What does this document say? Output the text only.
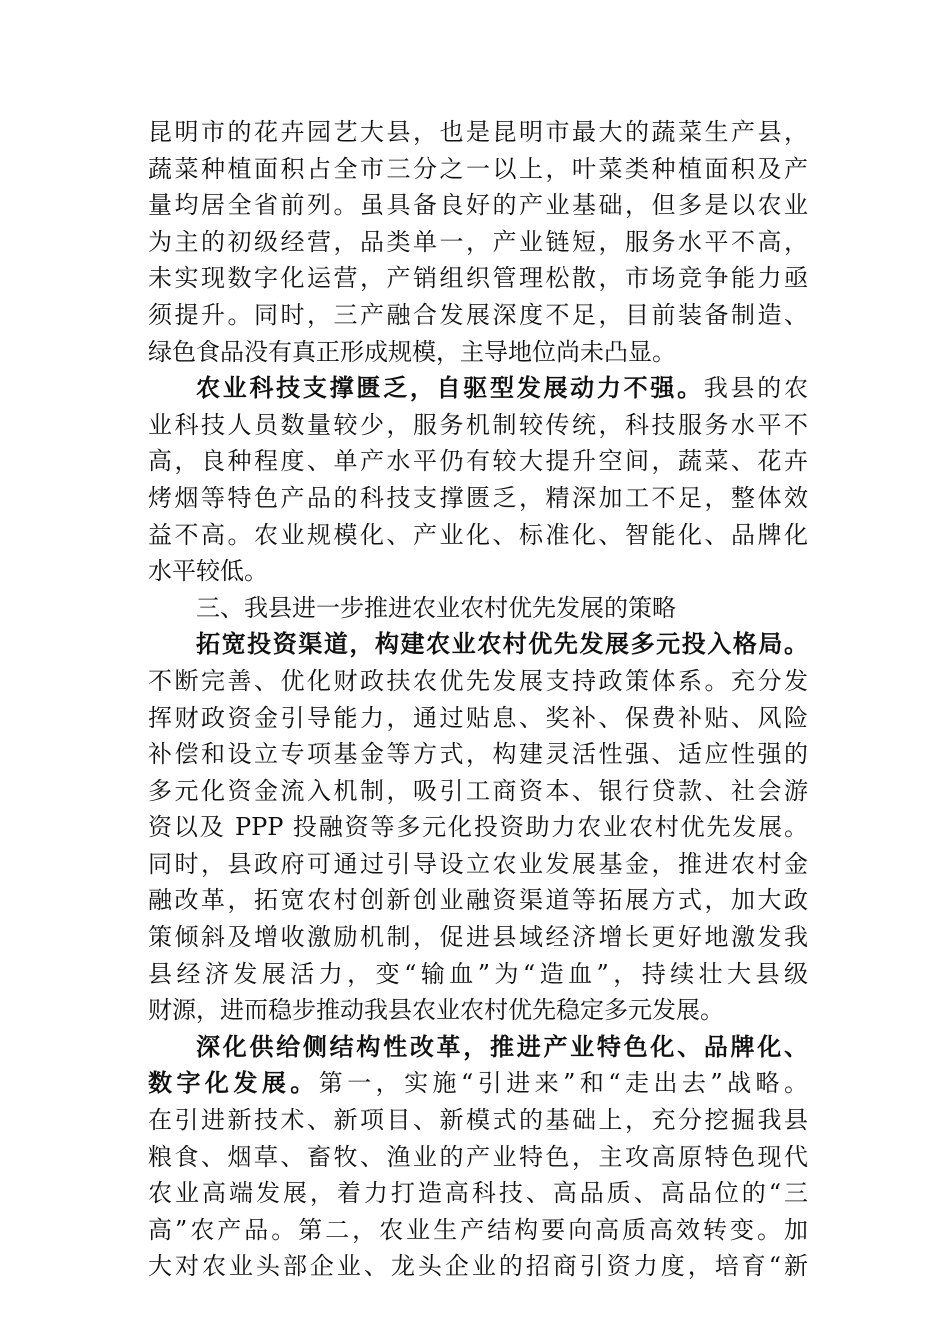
昆明市的花卉园艺大县，也是昆明市最大的蔬菜生产县，
蔬菜种植面积占全市三分之一以上，叶菜类种植面积及产
量均居全省前列。虽具备良好的产业基础，但多是以农业
为主的初级经营，品类单一，产业链短，服务水平不高，
未实现数字化运营，产销组织管理松散，市场竞争能力亟
须提升。同时，三产融合发展深度不足，目前装备制造、
绿色食品没有真正形成规模，主导地位尚未凸显。
农业科技支撑匮乏，自驱型发展动力不强。我县的农
业科技人员数量较少，服务机制较传统，科技服务水平不
高，良种程度、单产水平仍有较大提升空间，蔬菜、花卉
烤烟等特色产品的科技支撑匮乏，精深加工不足，整体效
益不高。农业规模化、产业化、标准化、智能化、品牌化
水平较低。
三、我县进一步推进农业农村优先发展的策略
拓宽投资渠道，构建农业农村优先发展多元投入格局。
不断完善、优化财政扶农优先发展支持政策体系。充分发
挥财政资金引导能力，通过贴息、奖补、保费补贴、风险
补偿和设立专项基金等方式，构建灵活性强、适应性强的
多元化资金流入机制，吸引工商资本、银行贷款、社会游
资以及 PPP 投融资等多元化投资助力农业农村优先发展。
同时，县政府可通过引导设立农业发展基金，推进农村金
融改革，拓宽农村创新创业融资渠道等拓展方式，加大政
策倾斜及增收激励机制，促进县域经济增长更好地激发我
县经济发展活力，变“输血”为“造血”，持续壮大县级
财源，进而稳步推动我县农业农村优先稳定多元发展。
深化供给侧结构性改革，推进产业特色化、品牌化、
数字化发展。第一，实施“引进来”和“走出去”战略。
在引进新技术、新项目、新模式的基础上，充分挖掘我县
粮食、烟草、畜牧、渔业的产业特色，主攻高原特色现代
农业高端发展，着力打造高科技、高品质、高品位的“三
高”农产品。第二，农业生产结构要向高质高效转变。加
大对农业头部企业、龙头企业的招商引资力度，培育“新
